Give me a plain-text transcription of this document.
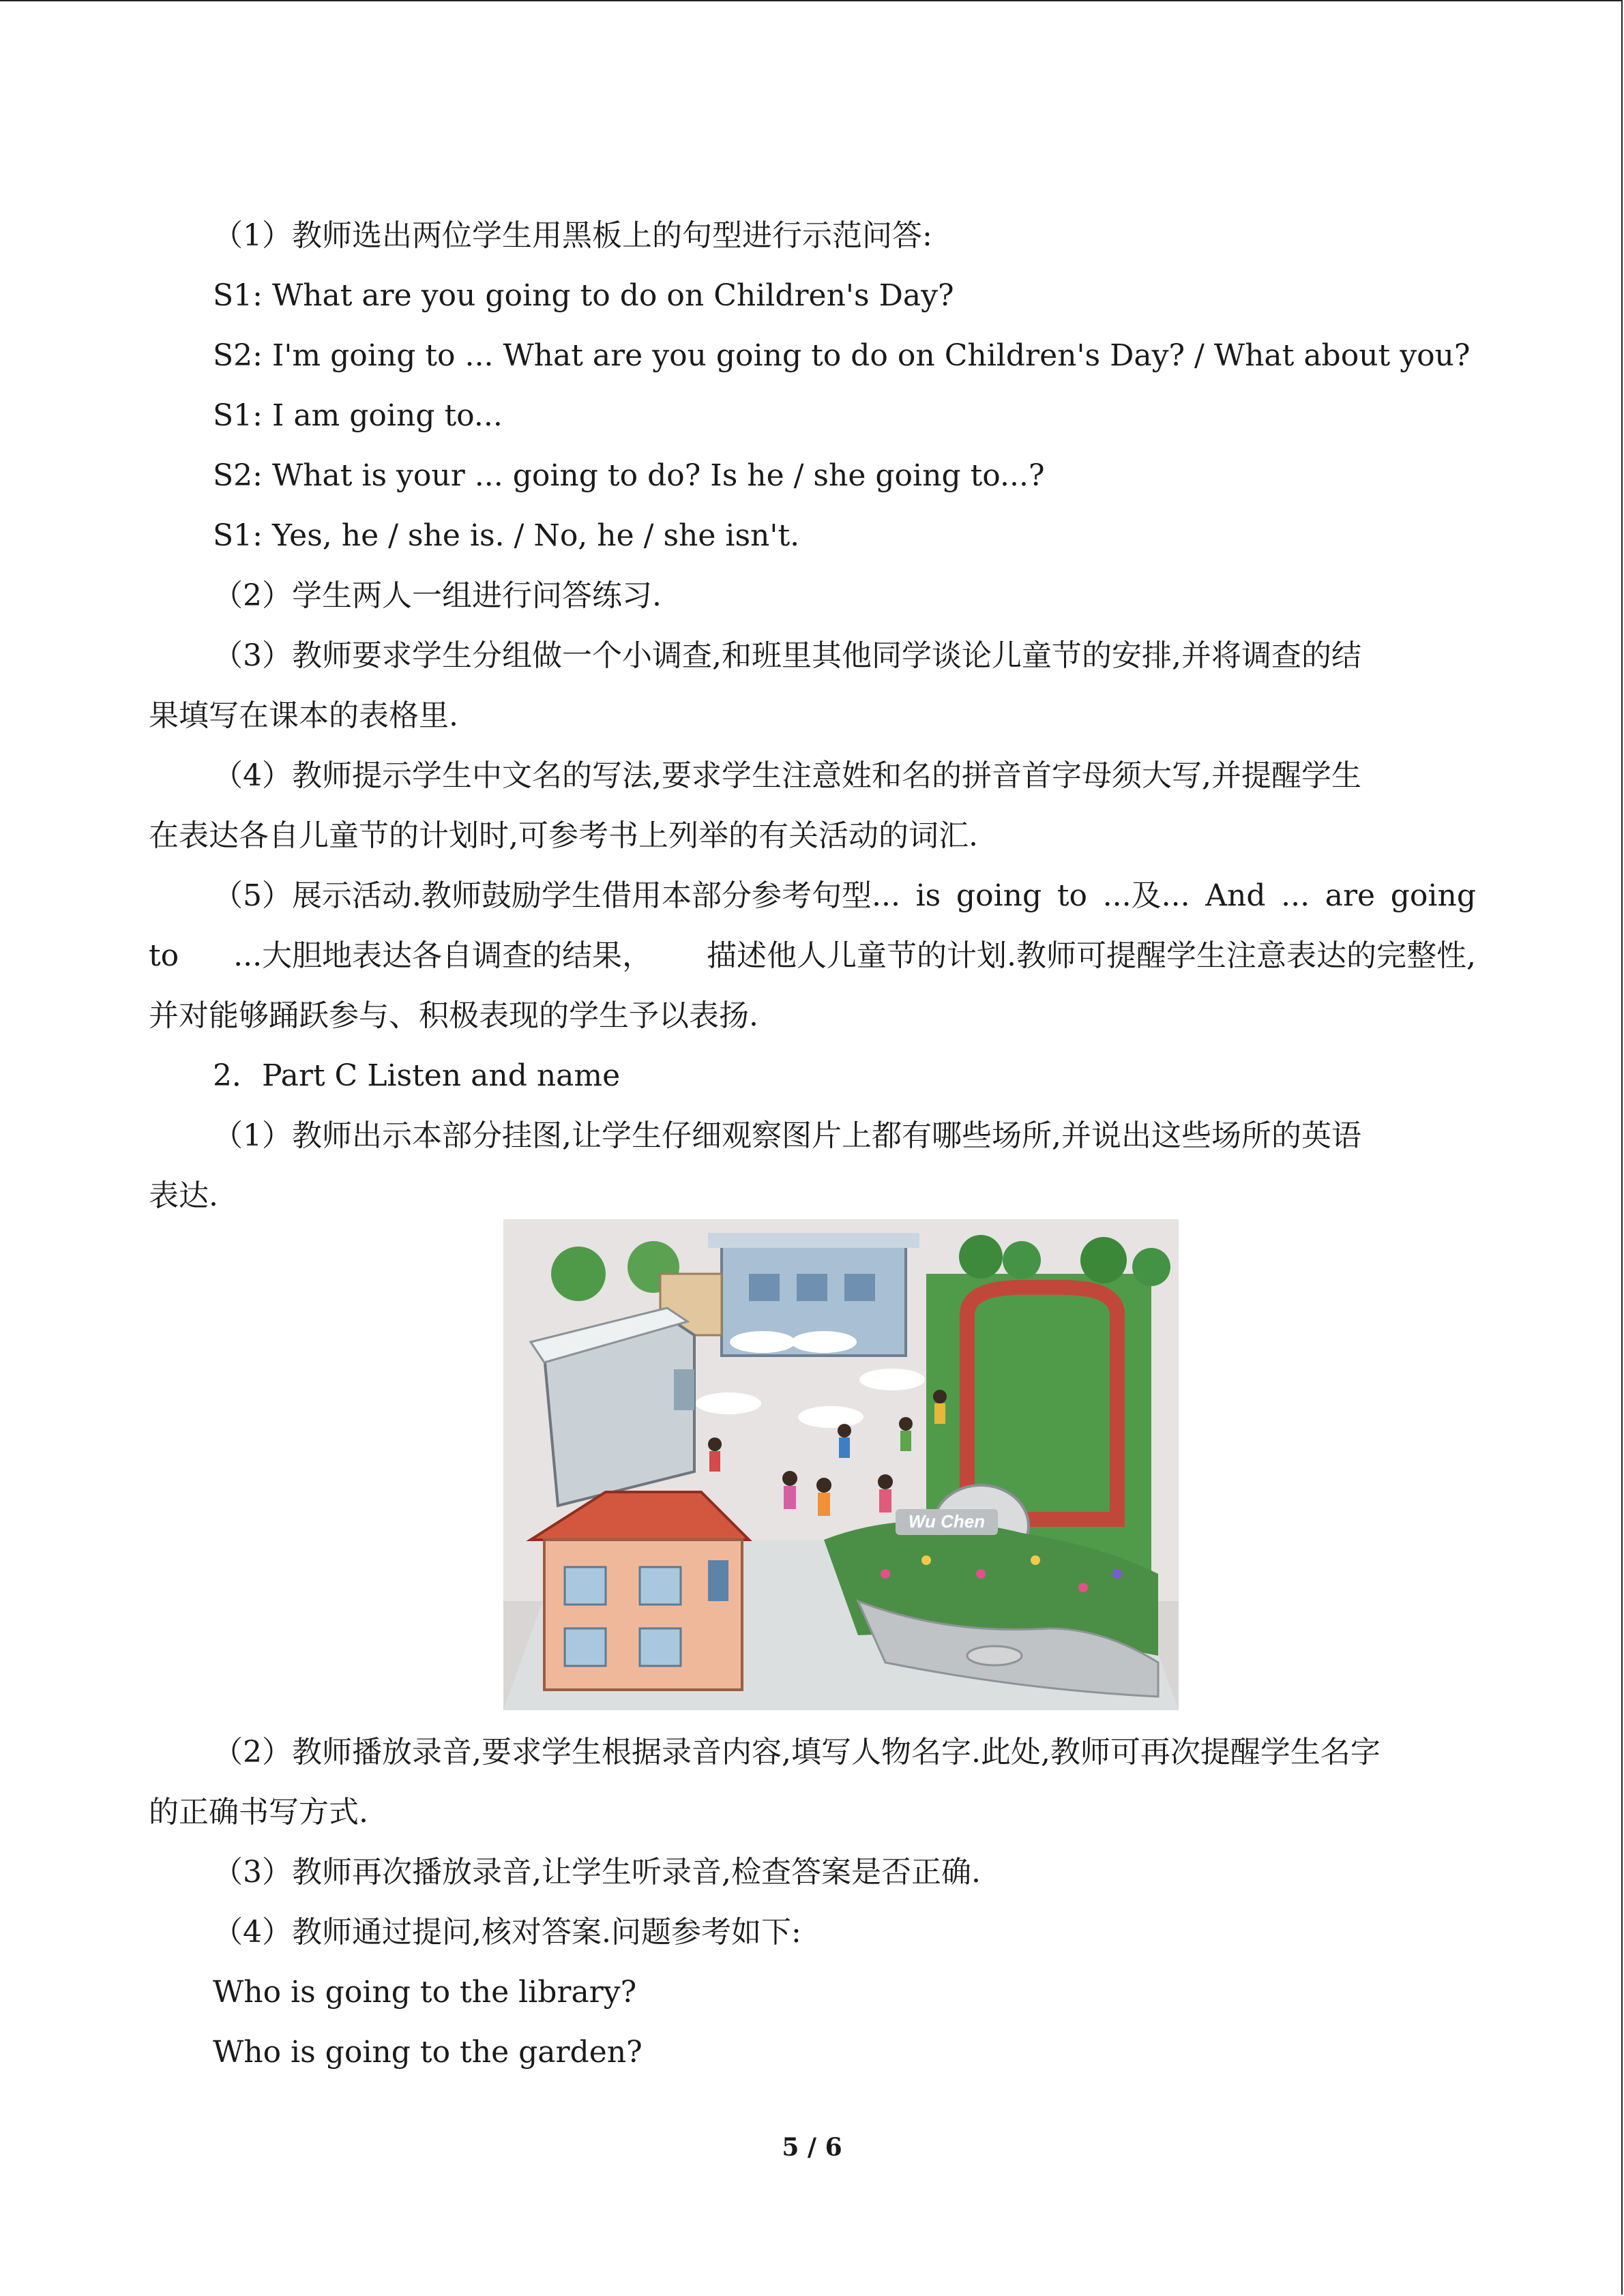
（1）教师选出两位学生用黑板上的句型进行示范问答:
S1: What are you going to do on Children's Day?
S2: I'm going to ... What are you going to do on Children's Day? / What about you?
S1: I am going to...
S2: What is your ... going to do? Is he / she going to...?
S1: Yes, he / she is. / No, he / she isn't.
（2）学生两人一组进行问答练习.
（3）教师要求学生分组做一个小调查,和班里其他同学谈论儿童节的安排,并将调查的结
果填写在课本的表格里.
（4）教师提示学生中文名的写法,要求学生注意姓和名的拼音首字母须大写,并提醒学生
在表达各自儿童节的计划时,可参考书上列举的有关活动的词汇.
（5）展示活动.教师鼓励学生借用本部分参考句型... is going to ...及... And ... are going
to ...大胆地表达各自调查的结果， 描述他人儿童节的计划.教师可提醒学生注意表达的完整性,
并对能够踊跃参与、积极表现的学生予以表扬.
2．Part C Listen and name
（1）教师出示本部分挂图,让学生仔细观察图片上都有哪些场所,并说出这些场所的英语
表达.
Wu Chen
（2）教师播放录音,要求学生根据录音内容,填写人物名字.此处,教师可再次提醒学生名字
的正确书写方式.
（3）教师再次播放录音,让学生听录音,检查答案是否正确.
（4）教师通过提问,核对答案.问题参考如下:
Who is going to the library?
Who is going to the garden?
5 / 6
